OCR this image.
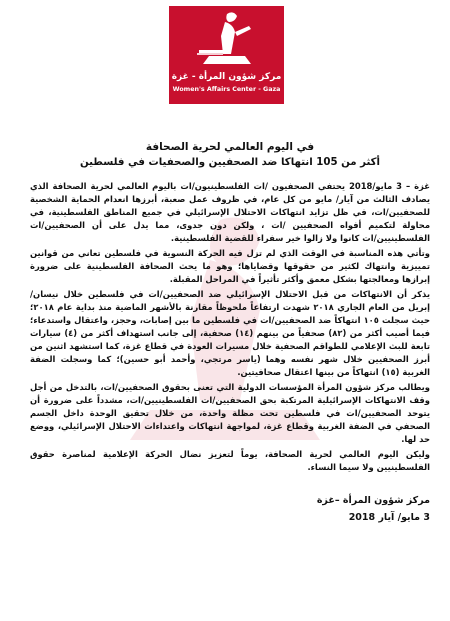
مركز شؤون المرأة - غزة
Women's Affairs Center - Gaza

في اليوم العالمي لحرية الصحافة

أكثر من 105 انتهاكا ضد الصحفيين والصحفيات في فلسطين

غزة – 3 مايو/2018 يحتفي الصحفيون /ات الفلسطينيون/ات باليوم العالمي لحرية الصحافة الذي يصادف الثالث من آيار/ مايو من كل عام، في ظروف عمل صعبة، أبرزها انعدام الحماية الشخصية للصحفيين/ات، في ظل تزايد انتهاكات الاحتلال الإسرائيلي في جميع المناطق الفلسطينية، في محاولة لتكميم أفواه الصحفيين /ات ، ولكن دون جدوى، مما يدل على أن الصحفيين/ات الفلسطينيين/ات كانوا ولا زالوا خير سفراء للقضية الفلسطينية.

وتأتي هذه المناسبة في الوقت الذي لم تزل فيه الحركة النسوية في فلسطين تعاني من قوانين تمييزية وانتهاك لكثير من حقوقها وقضاياها؛ وهو ما يحث الصحافة الفلسطينية على ضرورة إبرازها ومعالجتها بشكل معمق وأكثر تأثيراً في المراحل المقبلة.

يذكر أن الانتهاكات من قبل الاحتلال الإسرائيلي ضد الصحفيين/ات في فلسطين خلال نيسان/ إبريل من العام الجاري ٢٠١٨ شهدت ارتفاعاً ملحوظاً مقارنة بالأشهر الماضية منذ بداية عام ٢٠١٨؛ حيث سجلت ١٠٥ انتهاكاً ضد الصحفيين/ات في فلسطين ما بين إصابات، وحجز، واعتقال واستدعاء؛ فيما أصيب أكثر من (٨٢) صحفياً من بينهم (١٤) صحفية، إلى جانب استهداف أكثر من (٤) سيارات تابعة للبث الإعلامي للطواقم الصحفية خلال مسيرات العودة في قطاع غزة، كما استشهد اثنين من أبرز الصحفيين خلال شهر نفسه وهما (ياسر مرتجي، وأحمد أبو حسين)؛ كما وسجلت الضفة الغربية (١٥) انتهاكاً من بينها اعتقال صحافيتين.

ويطالب مركز شؤون المرأة المؤسسات الدولية التي تعنى بحقوق الصحفيين/ات، بالتدخل من أجل وقف الانتهاكات الإسرائيلية المرتكبة بحق الصحفيين/ات الفلسطينيين/ات، مشدداً على ضرورة أن يتوحد الصحفيين/ات في فلسطين تحت مظلة واحدة، من خلال تحقيق الوحدة داخل الجسم الصحفي في الضفة الغربية وقطاع غزة، لمواجهة انتهاكات واعتداءات الاحتلال الإسرائيلي، ووضع حد لها.

وليكن اليوم العالمي لحرية الصحافة، يوماً لتعزيز نضال الحركة الإعلامية لمناصرة حقوق الفلسطينيين ولا سيما النساء.

مركز شؤون المرأة –غزة
3 مايو/ آيار 2018
